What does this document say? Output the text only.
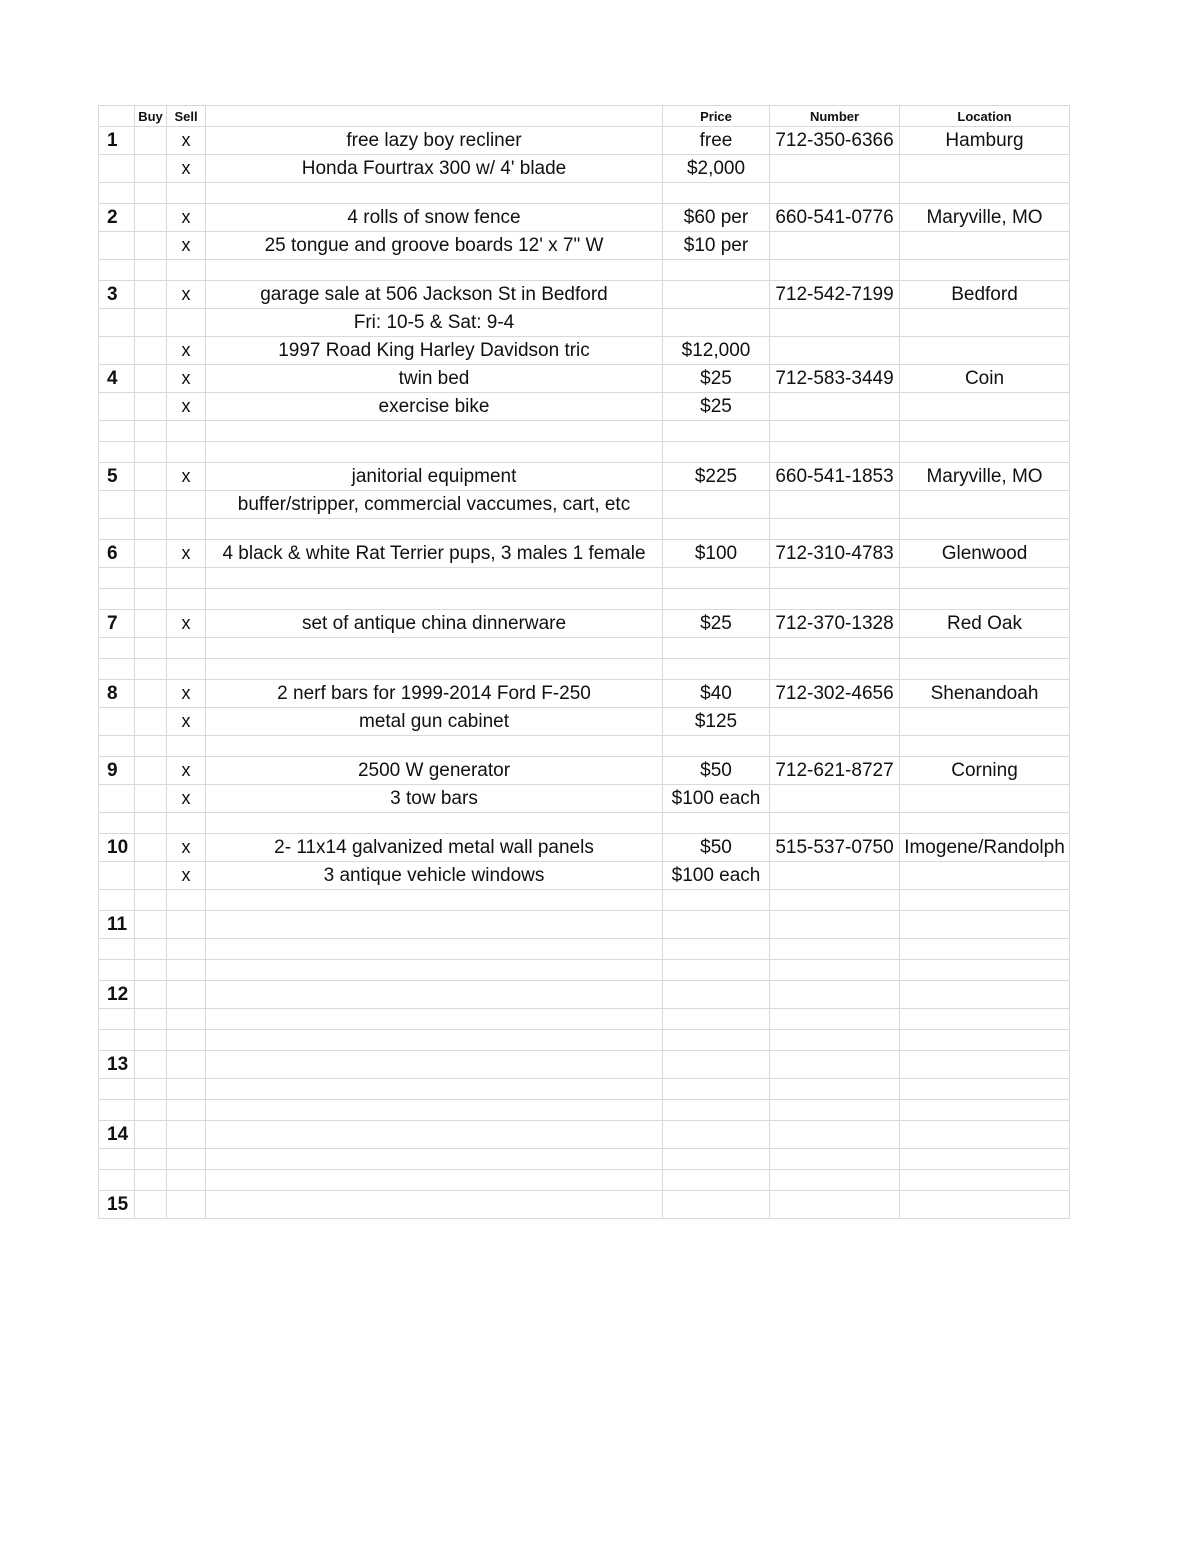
	Buy	Sell		Price	Number	Location
1		x	free lazy boy recliner	free	712-350-6366	Hamburg
		x	Honda Fourtrax 300 w/ 4' blade	$2,000		

2		x	4 rolls of snow fence	$60 per	660-541-0776	Maryville, MO
		x	25 tongue and groove boards 12' x 7" W	$10 per		

3		x	garage sale at 506 Jackson St in Bedford		712-542-7199	Bedford
			Fri: 10-5 & Sat: 9-4			
		x	1997 Road King Harley Davidson tric	$12,000		
4		x	twin bed	$25	712-583-3449	Coin
		x	exercise bike	$25		

5		x	janitorial equipment	$225	660-541-1853	Maryville, MO
			buffer/stripper, commercial vaccumes, cart, etc			

6		x	4 black & white Rat Terrier pups, 3 males 1 female	$100	712-310-4783	Glenwood

7		x	set of antique china dinnerware	$25	712-370-1328	Red Oak

8		x	2 nerf bars for 1999-2014 Ford F-250	$40	712-302-4656	Shenandoah
		x	metal gun cabinet	$125		

9		x	2500 W generator	$50	712-621-8727	Corning
		x	3 tow bars	$100 each		

10		x	2- 11x14 galvanized metal wall panels	$50	515-537-0750	Imogene/Randolph
		x	3 antique vehicle windows	$100 each		

11						

12						

13						

14						

15						
